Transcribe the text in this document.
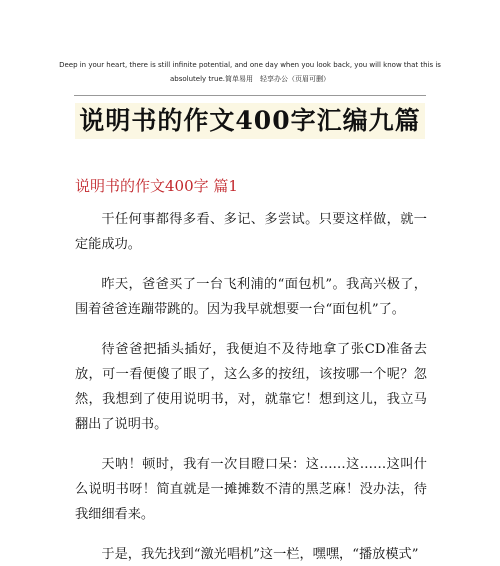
Deep in your heart, there is still infinite potential, and one day when you look back, you will know that this is
absolutely true.简单易用　轻享办公（页眉可删）
说明书的作文400字汇编九篇
说明书的作文400字 篇1

干任何事都得多看、多记、多尝试。只要这样做，就一定能成功。

昨天，爸爸买了一台飞利浦的“面包机”。我高兴极了，围着爸爸连蹦带跳的。因为我早就想要一台“面包机”了。

待爸爸把插头插好，我便迫不及待地拿了张CD准备去放，可一看便傻了眼了，这么多的按纽，该按哪一个呢？忽然，我想到了使用说明书，对，就靠它！想到这儿，我立马翻出了说明书。

天呐！顿时，我有一次目瞪口呆：这……这……这叫什么说明书呀！简直就是一摊摊数不清的黑芝麻！没办法，待我细细看来。

于是，我先找到“激光唱机”这一栏，嘿嘿，“播放模式”
